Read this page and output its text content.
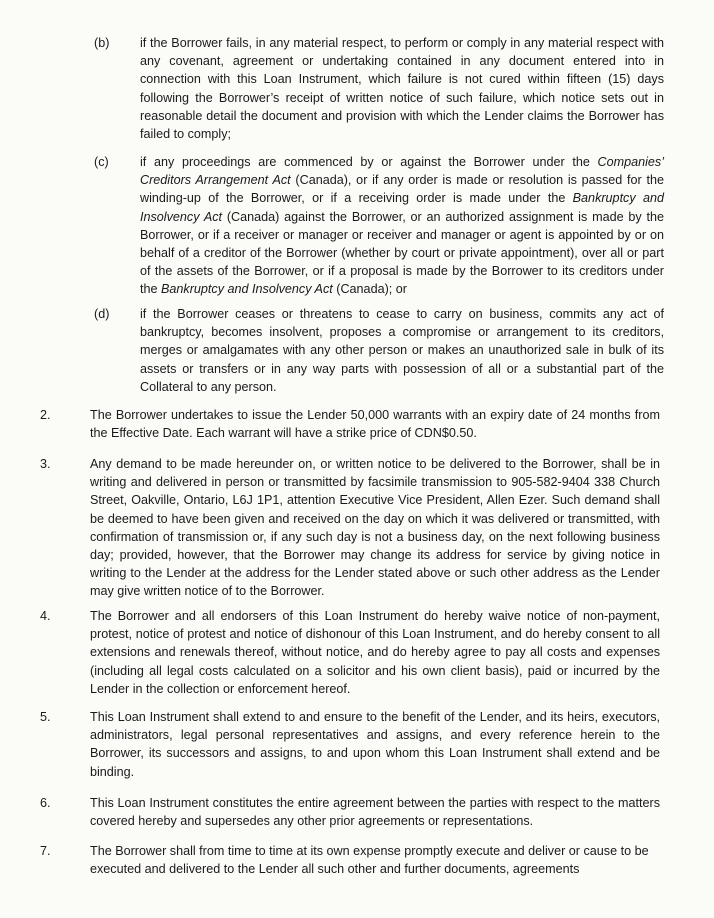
(b) if the Borrower fails, in any material respect, to perform or comply in any material respect with any covenant, agreement or undertaking contained in any document entered into in connection with this Loan Instrument, which failure is not cured within fifteen (15) days following the Borrower’s receipt of written notice of such failure, which notice sets out in reasonable detail the document and provision with which the Lender claims the Borrower has failed to comply;
(c) if any proceedings are commenced by or against the Borrower under the Companies’ Creditors Arrangement Act (Canada), or if any order is made or resolution is passed for the winding-up of the Borrower, or if a receiving order is made under the Bankruptcy and Insolvency Act (Canada) against the Borrower, or an authorized assignment is made by the Borrower, or if a receiver or manager or receiver and manager or agent is appointed by or on behalf of a creditor of the Borrower (whether by court or private appointment), over all or part of the assets of the Borrower, or if a proposal is made by the Borrower to its creditors under the Bankruptcy and Insolvency Act (Canada); or
(d) if the Borrower ceases or threatens to cease to carry on business, commits any act of bankruptcy, becomes insolvent, proposes a compromise or arrangement to its creditors, merges or amalgamates with any other person or makes an unauthorized sale in bulk of its assets or transfers or in any way parts with possession of all or a substantial part of the Collateral to any person.
2.	The Borrower undertakes to issue the Lender 50,000 warrants with an expiry date of 24 months from the Effective Date. Each warrant will have a strike price of CDN$0.50.
3.	Any demand to be made hereunder on, or written notice to be delivered to the Borrower, shall be in writing and delivered in person or transmitted by facsimile transmission to 905-582-9404 338 Church Street, Oakville, Ontario, L6J 1P1, attention Executive Vice President, Allen Ezer. Such demand shall be deemed to have been given and received on the day on which it was delivered or transmitted, with confirmation of transmission or, if any such day is not a business day, on the next following business day; provided, however, that the Borrower may change its address for service by giving notice in writing to the Lender at the address for the Lender stated above or such other address as the Lender may give written notice of to the Borrower.
4.	The Borrower and all endorsers of this Loan Instrument do hereby waive notice of non-payment, protest, notice of protest and notice of dishonour of this Loan Instrument, and do hereby consent to all extensions and renewals thereof, without notice, and do hereby agree to pay all costs and expenses (including all legal costs calculated on a solicitor and his own client basis), paid or incurred by the Lender in the collection or enforcement hereof.
5.	This Loan Instrument shall extend to and ensure to the benefit of the Lender, and its heirs, executors, administrators, legal personal representatives and assigns, and every reference herein to the Borrower, its successors and assigns, to and upon whom this Loan Instrument shall extend and be binding.
6.	This Loan Instrument constitutes the entire agreement between the parties with respect to the matters covered hereby and supersedes any other prior agreements or representations.
7.	The Borrower shall from time to time at its own expense promptly execute and deliver or cause to be executed and delivered to the Lender all such other and further documents, agreements
